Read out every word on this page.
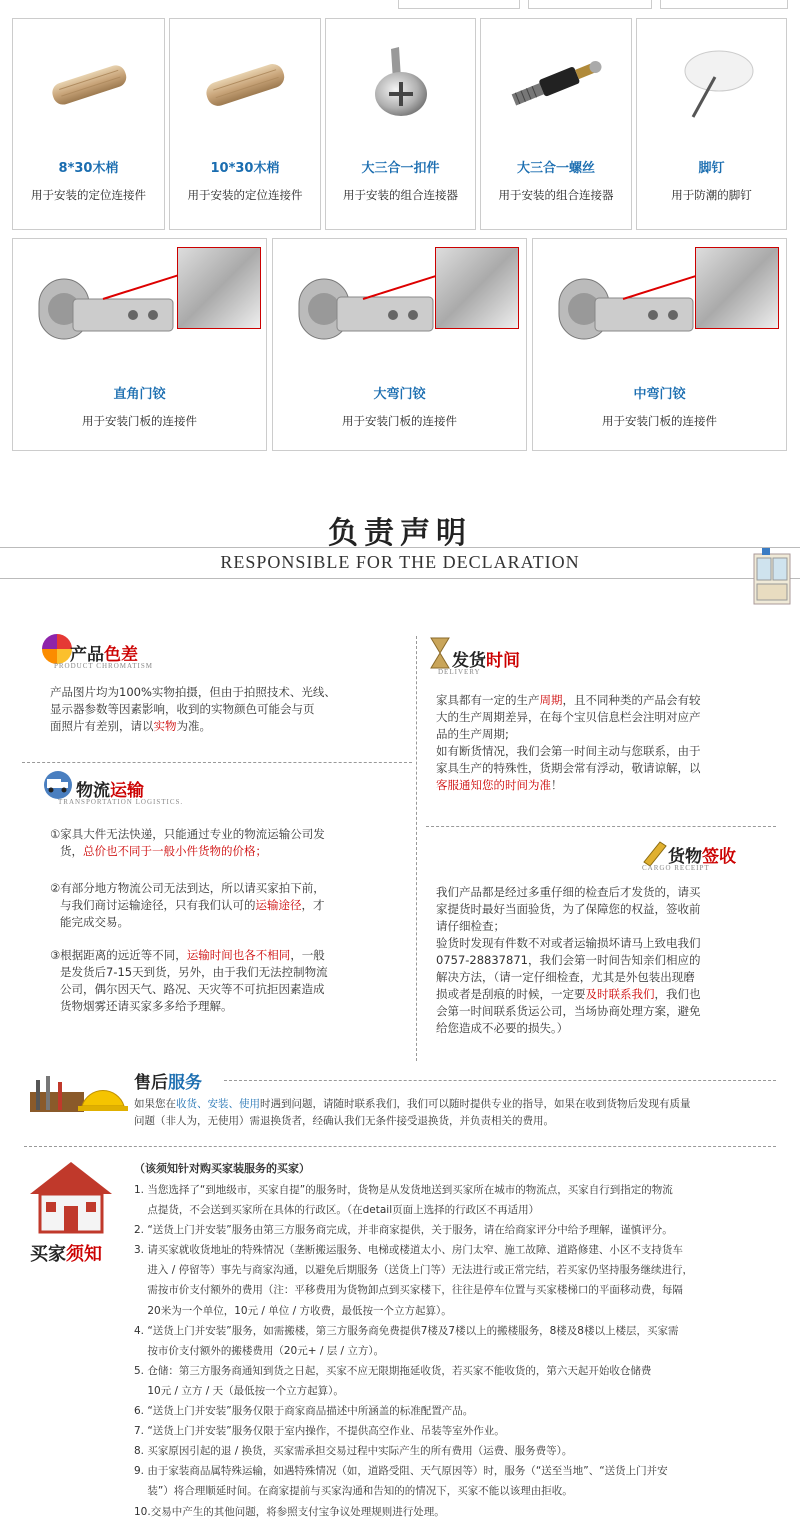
8*30木梢
用于安装的定位连接件
10*30木梢
用于安装的定位连接件
大三合一扣件
用于安装的组合连接器
大三合一螺丝
用于安装的组合连接器
脚钉
用于防潮的脚钉
直角门铰
用于安装门板的连接件
大弯门铰
用于安装门板的连接件
中弯门铰
用于安装门板的连接件
负责声明
RESPONSIBLE FOR THE DECLARATION
产品 色差
PRODUCT CHROMATISM
产品图片均为100%实物拍摄，但由于拍照技术、光线、
显示器参数等因素影响，收到的实物颜色可能会与页
面照片有差别，请以实物为准。
物流 运输
TRANSPORTATION LOGISTICS.
①家具大件无法快递，只能通过专业的物流运输公司发
货，总价也不同于一般小件货物的价格；
②有部分地方物流公司无法到达，所以请买家拍下前，
与我们商讨运输途径，只有我们认可的运输途径，才
能完成交易。
③根据距离的远近等不同，运输时间也各不相同，一般
是发货后7-15天到货，另外，由于我们无法控制物流
公司，偶尔因天气、路况、天灾等不可抗拒因素造成
货物烟雾还请买家多多给予理解。
发货 时间
DELIVERY
家具都有一定的生产周期，且不同种类的产品会有较
大的生产周期差异，在每个宝贝信息栏会注明对应产
品的生产周期;
如有断货情况，我们会第一时间主动与您联系，由于
家具生产的特殊性，货期会常有浮动，敬请谅解，以
客服通知您的时间为准！
货物 签收
CARGO RECEIPT
我们产品都是经过多重仔细的检查后才发货的，请买
家提货时最好当面验货，为了保障您的权益，签收前
请仔细检查；
验货时发现有件数不对或者运输损坏请马上致电我们
0757-28837871，我们会第一时间告知亲们相应的
解决方法，（请一定仔细检查，尤其是外包装出现磨
损或者是刮痕的时候，一定要及时联系我们，我们也
会第一时间联系货运公司，当场协商处理方案，避免
给您造成不必要的损失。）
售后 服务
如果您在收货、安装、使用时遇到问题，请随时联系我们，我们可以随时提供专业的指导，如果在收到货物后发现有质量
问题（非人为，无使用）需退换货者，经确认我们无条件接受退换货，并负责相关的费用。
买家 须知
（该须知针对购买家装服务的买家）
1. 当您选择了“到地级市，买家自提”的服务时，货物是从发货地送到买家所在城市的物流点，买家自行到指定的物流
点提货，不会送到买家所在具体的行政区。（在detail页面上选择的行政区不再适用）
2. “送货上门并安装”服务由第三方服务商完成，并非商家提供，关于服务，请在给商家评分中给予理解，谨慎评分。
3. 请买家就收货地址的特殊情况（垄断搬运服务、电梯或楼道太小、房门太窄、施工故障、道路修建、小区不支持货车
进入 / 停留等）事先与商家沟通，以避免后期服务（送货上门等）无法进行或正常完结，若买家仍坚持服务继续进行，
需按市价支付额外的费用（注：平移费用为货物卸点到买家楼下，往往是停车位置与买家楼梯口的平面移动费，每隔
20米为一个单位，10元 / 单位 / 方收费，最低按一个立方起算）。
4. “送货上门并安装”服务，如需搬楼，第三方服务商免费提供7楼及7楼以上的搬楼服务，8楼及8楼以上楼层，买家需
按市价支付额外的搬楼费用（20元+ / 层 / 立方）。
5. 仓储：第三方服务商通知到货之日起，买家不应无限期拖延收货，若买家不能收货的，第六天起开始收仓储费
10元 / 立方 / 天（最低按一个立方起算）。
6. “送货上门并安装”服务仅限于商家商品描述中所涵盖的标准配置产品。
7. “送货上门并安装”服务仅限于室内操作，不提供高空作业、吊装等室外作业。
8. 买家原因引起的退 / 换货，买家需承担交易过程中实际产生的所有费用（运费、服务费等）。
9. 由于家装商品属特殊运输，如遇特殊情况（如，道路受阻、天气原因等）时，服务（“送至当地”、“送货上门并安
装”）将合理顺延时间。在商家提前与买家沟通和告知的的情况下，买家不能以该理由拒收。
10.交易中产生的其他问题，将参照支付宝争议处理规则进行处理。
